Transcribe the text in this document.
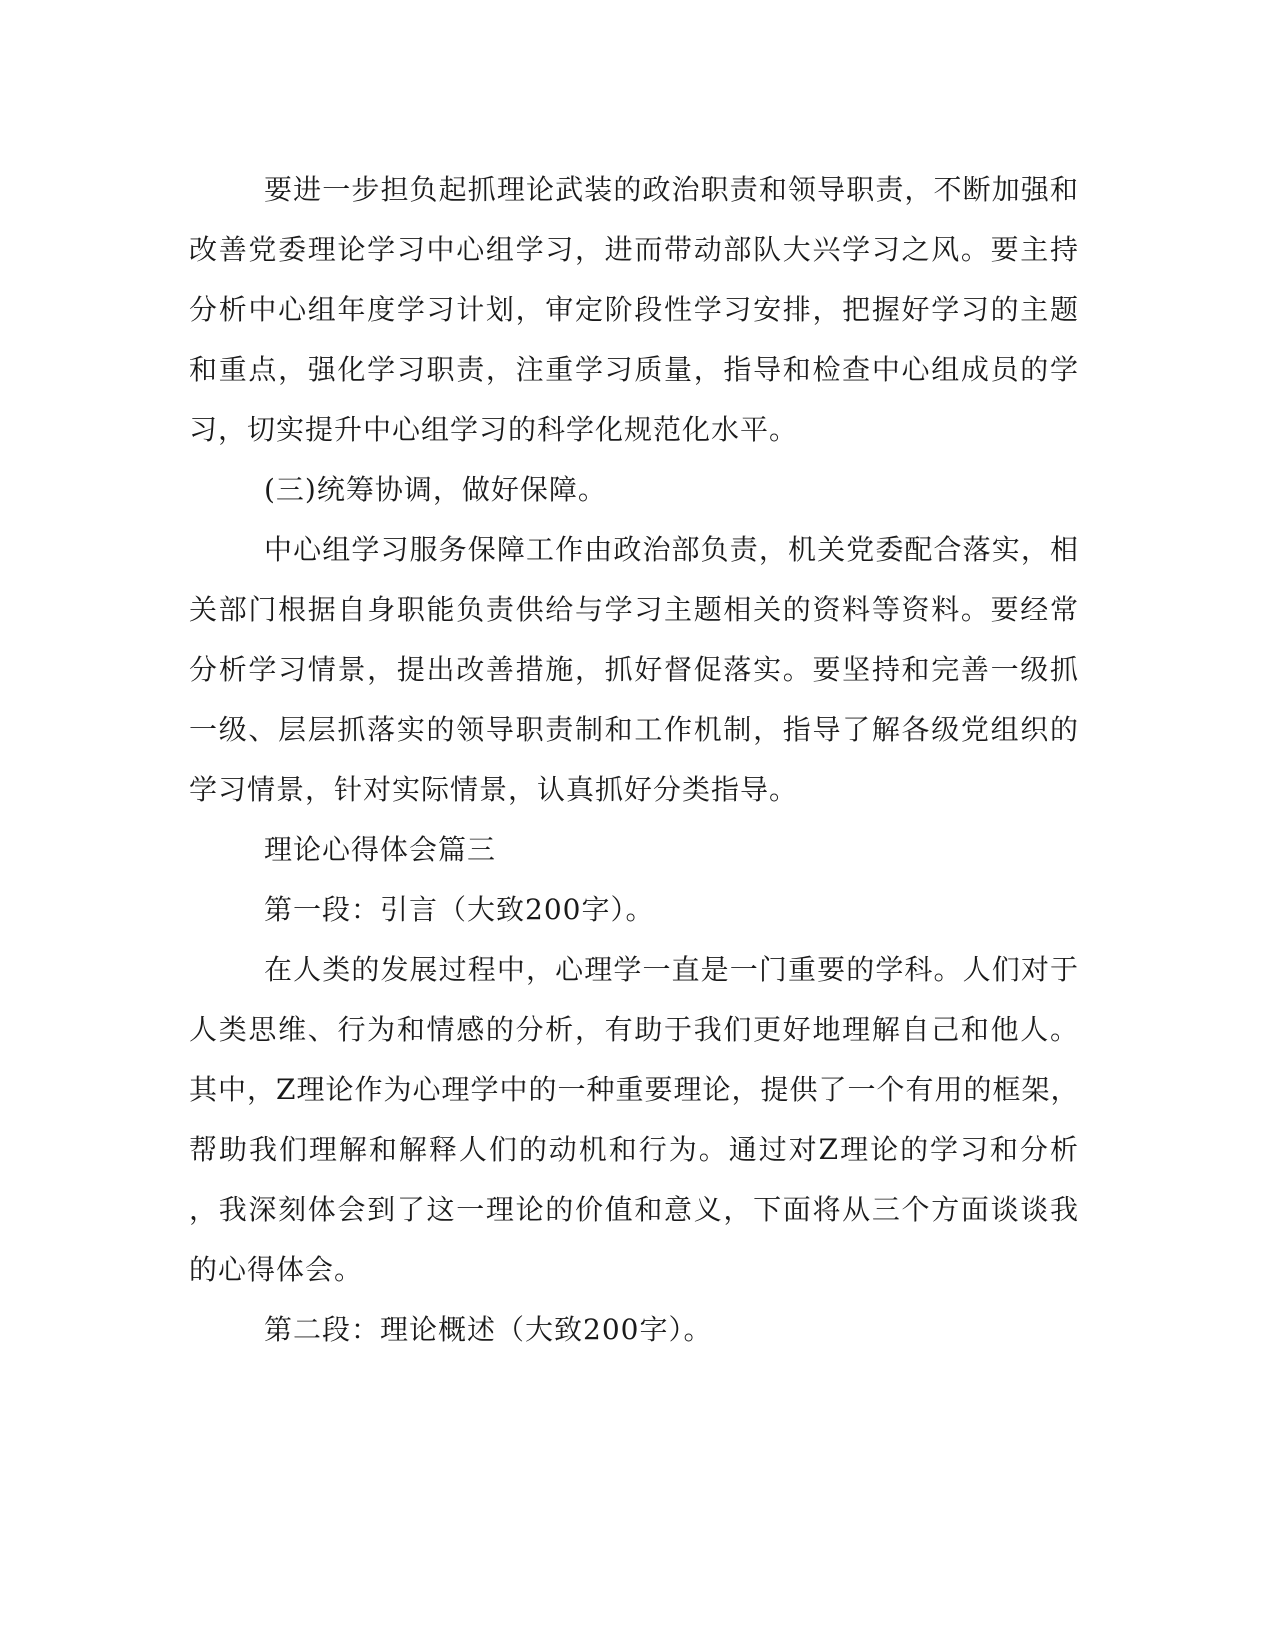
要进一步担负起抓理论武装的政治职责和领导职责，不断加强和
改善党委理论学习中心组学习，进而带动部队大兴学习之风。要主持
分析中心组年度学习计划，审定阶段性学习安排，把握好学习的主题
和重点，强化学习职责，注重学习质量，指导和检查中心组成员的学
习，切实提升中心组学习的科学化规范化水平。
(三)统筹协调，做好保障。
中心组学习服务保障工作由政治部负责，机关党委配合落实，相
关部门根据自身职能负责供给与学习主题相关的资料等资料。要经常
分析学习情景，提出改善措施，抓好督促落实。要坚持和完善一级抓
一级、层层抓落实的领导职责制和工作机制，指导了解各级党组织的
学习情景，针对实际情景，认真抓好分类指导。
理论心得体会篇三
第一段：引言（大致200字）。
在人类的发展过程中，心理学一直是一门重要的学科。人们对于
人类思维、行为和情感的分析，有助于我们更好地理解自己和他人。
其中，Z理论作为心理学中的一种重要理论，提供了一个有用的框架，
帮助我们理解和解释人们的动机和行为。通过对Z理论的学习和分析
，我深刻体会到了这一理论的价值和意义，下面将从三个方面谈谈我
的心得体会。
第二段：理论概述（大致200字）。
